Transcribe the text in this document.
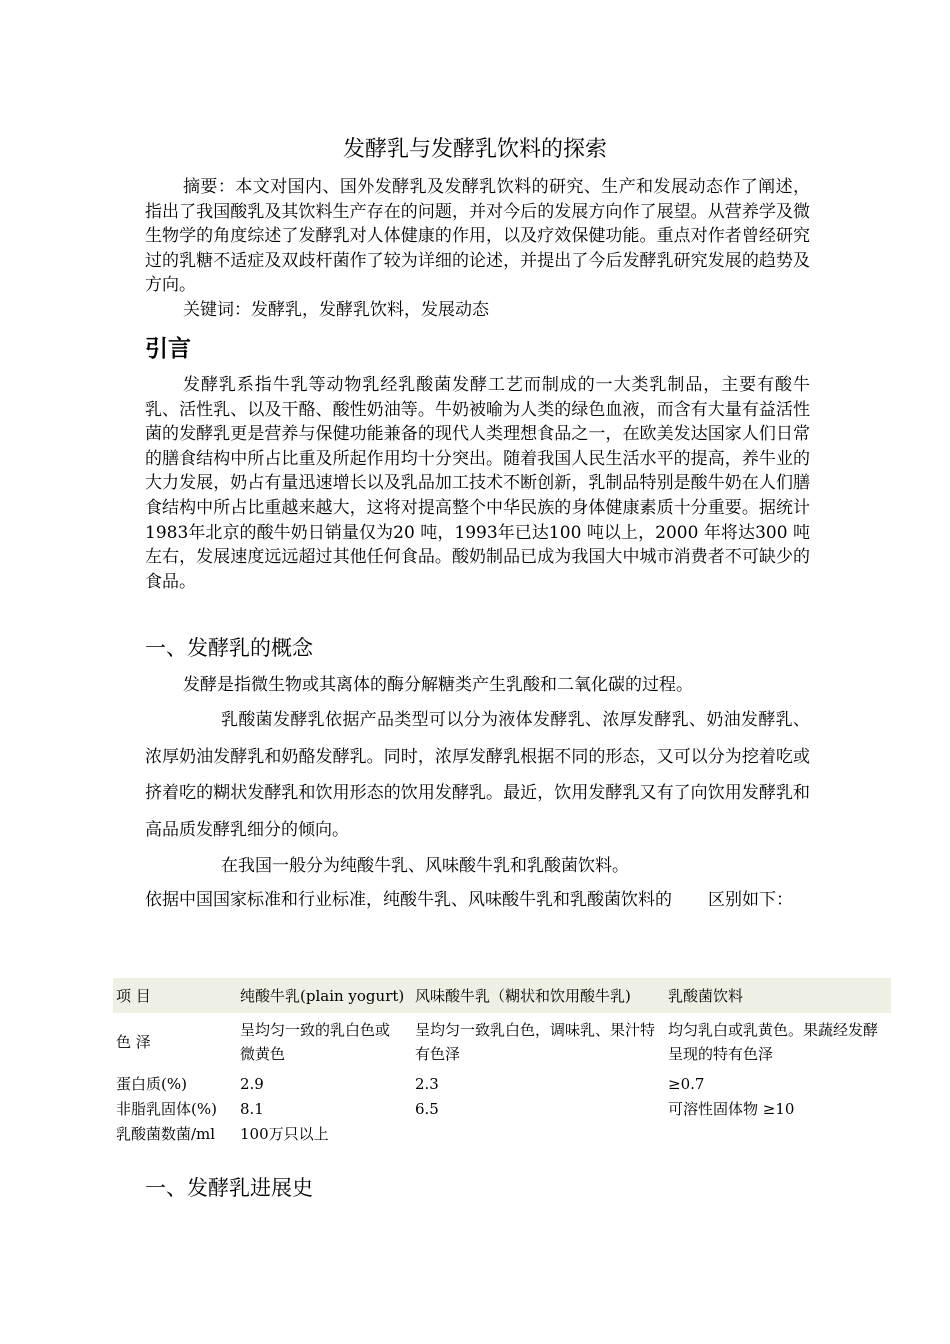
发酵乳与发酵乳饮料的探索

摘要：本文对国内、国外发酵乳及发酵乳饮料的研究、生产和发展动态作了阐述，指出了我国酸乳及其饮料生产存在的问题，并对今后的发展方向作了展望。从营养学及微生物学的角度综述了发酵乳对人体健康的作用，以及疗效保健功能。重点对作者曾经研究过的乳糖不适症及双歧杆菌作了较为详细的论述，并提出了今后发酵乳研究发展的趋势及方向。

关键词：发酵乳，发酵乳饮料，发展动态

引言

发酵乳系指牛乳等动物乳经乳酸菌发酵工艺而制成的一大类乳制品，主要有酸牛乳、活性乳、以及干酪、酸性奶油等。牛奶被喻为人类的绿色血液，而含有大量有益活性菌的发酵乳更是营养与保健功能兼备的现代人类理想食品之一，在欧美发达国家人们日常的膳食结构中所占比重及所起作用均十分突出。随着我国人民生活水平的提高，养牛业的大力发展，奶占有量迅速增长以及乳品加工技术不断创新，乳制品特别是酸牛奶在人们膳食结构中所占比重越来越大，这将对提高整个中华民族的身体健康素质十分重要。据统计1983年北京的酸牛奶日销量仅为20 吨，1993年已达100 吨以上，2000 年将达300 吨左右，发展速度远远超过其他任何食品。酸奶制品已成为我国大中城市消费者不可缺少的食品。

一、发酵乳的概念

发酵是指微生物或其离体的酶分解糖类产生乳酸和二氧化碳的过程。

乳酸菌发酵乳依据产品类型可以分为液体发酵乳、浓厚发酵乳、奶油发酵乳、浓厚奶油发酵乳和奶酪发酵乳。同时，浓厚发酵乳根据不同的形态，又可以分为挖着吃或挤着吃的糊状发酵乳和饮用形态的饮用发酵乳。最近，饮用发酵乳又有了向饮用发酵乳和高品质发酵乳细分的倾向。

在我国一般分为纯酸牛乳、风味酸牛乳和乳酸菌饮料。

依据中国国家标准和行业标准，纯酸牛乳、风味酸牛乳和乳酸菌饮料的 区别如下：

项 目	纯酸牛乳(plain yogurt)	风味酸牛乳（糊状和饮用酸牛乳)	乳酸菌饮料
色 泽	呈均匀一致的乳白色或微黄色	呈均匀一致乳白色，调味乳、果汁特有色泽	均匀乳白或乳黄色。果蔬经发酵呈现的特有色泽
蛋白质(%)	2.9	2.3	≥0.7
非脂乳固体(%)	8.1	6.5	可溶性固体物 ≥10
乳酸菌数菌/ml	100万只以上		
一、发酵乳进展史
